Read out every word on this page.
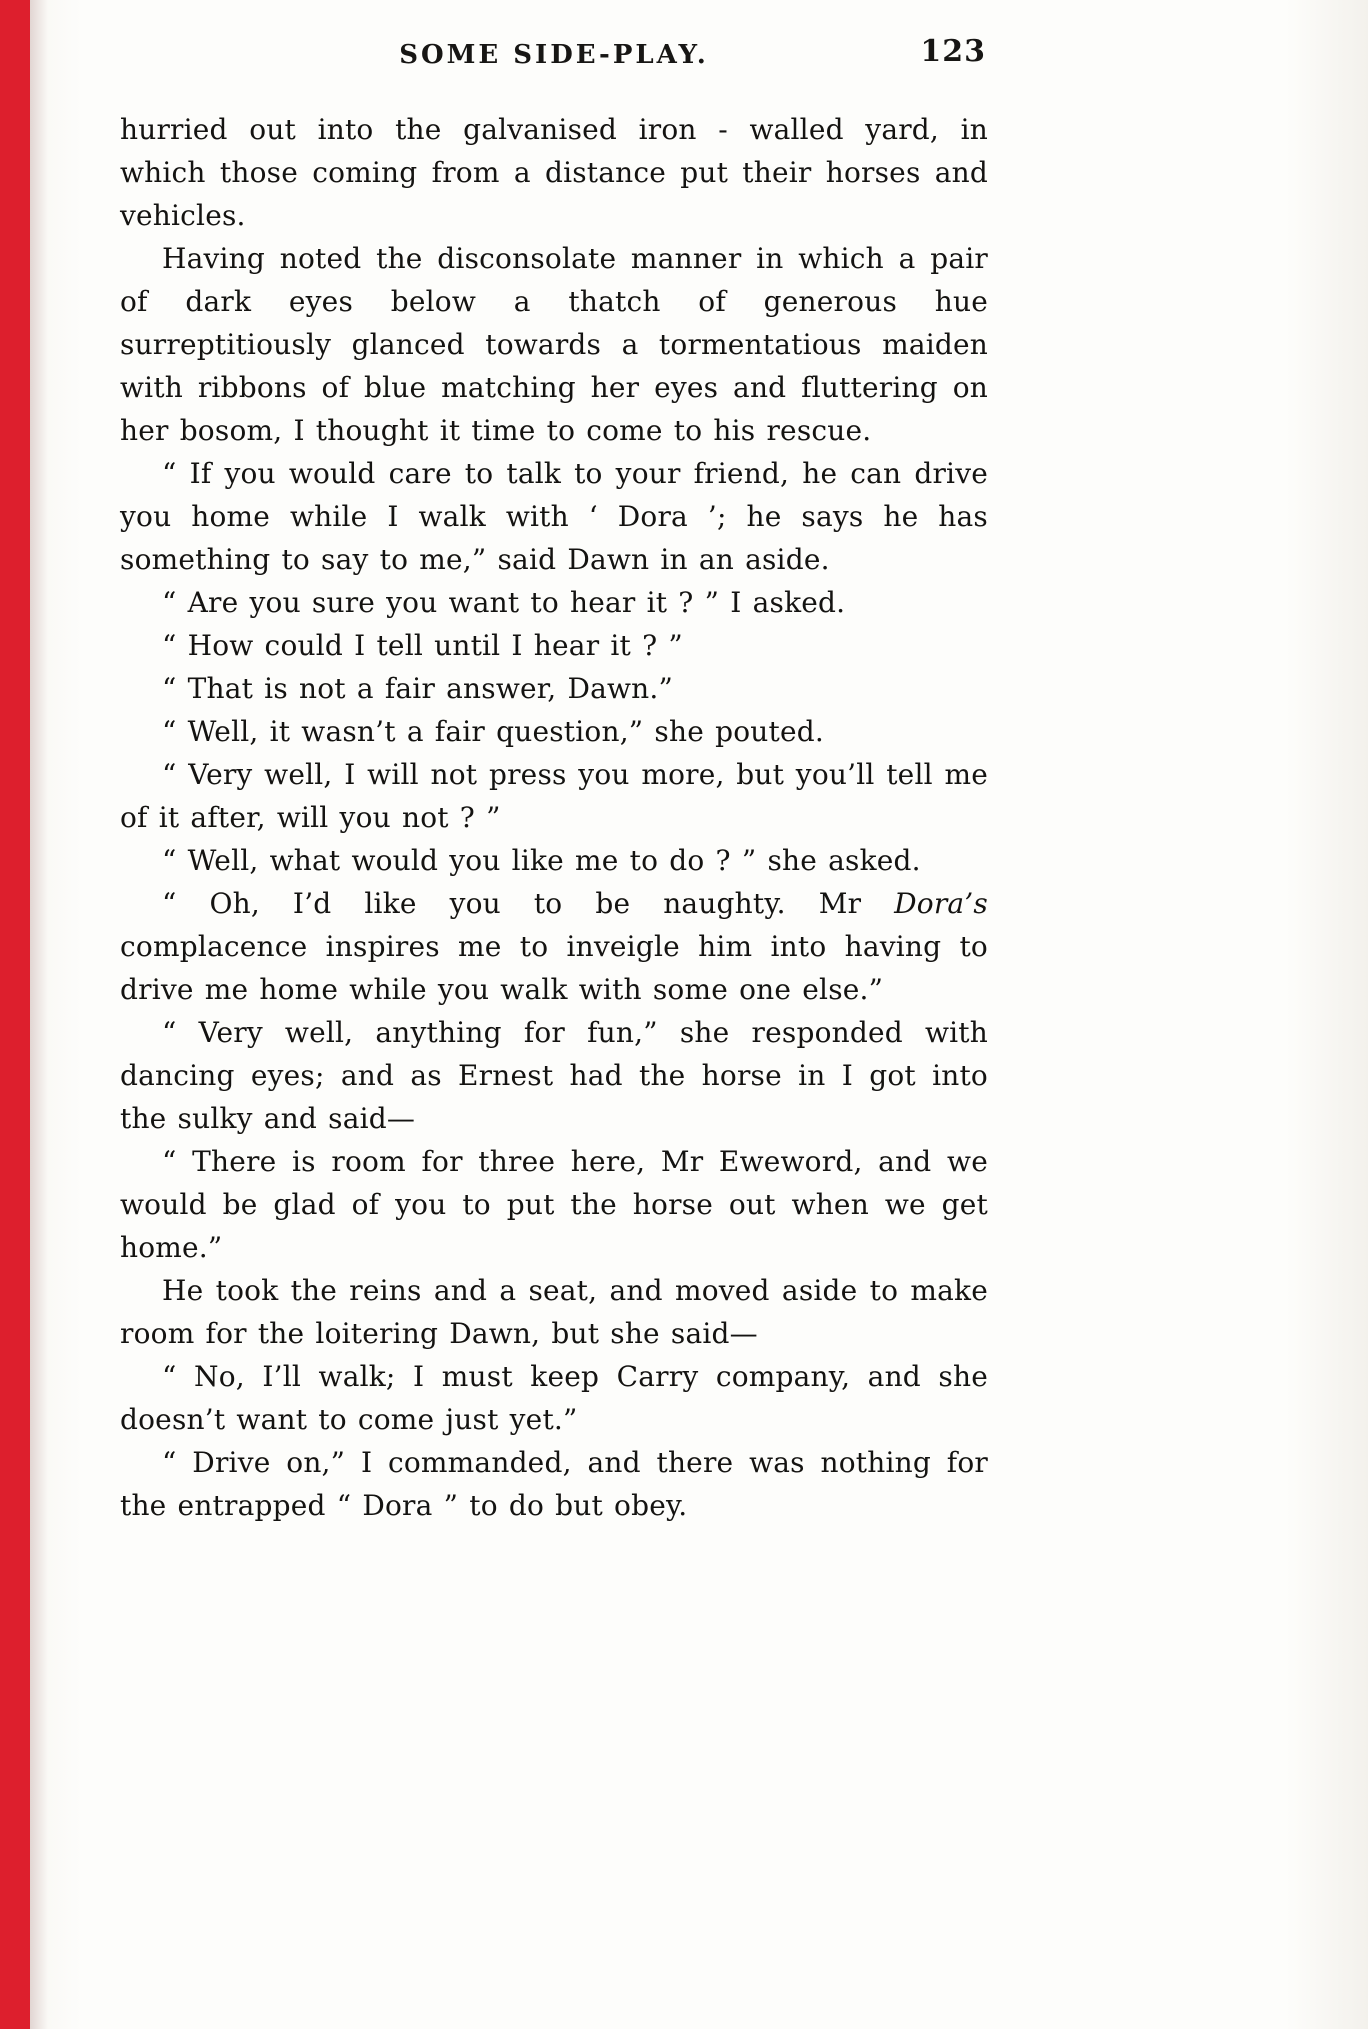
SOME SIDE-PLAY.	123

hurried out into the galvanised iron - walled yard, in which those coming from a distance put their horses and vehicles.

Having noted the disconsolate manner in which a pair of dark eyes below a thatch of generous hue surreptitiously glanced towards a tormentatious maiden with ribbons of blue matching her eyes and fluttering on her bosom, I thought it time to come to his rescue.

“ If you would care to talk to your friend, he can drive you home while I walk with ‘ Dora ’; he says he has something to say to me,” said Dawn in an aside.

“ Are you sure you want to hear it ? ” I asked.

“ How could I tell until I hear it ? ”

“ That is not a fair answer, Dawn.”

“ Well, it wasn’t a fair question,” she pouted.

“ Very well, I will not press you more, but you’ll tell me of it after, will you not ? ”

“ Well, what would you like me to do ? ” she asked.

“ Oh, I’d like you to be naughty. Mr Dora’s complacence inspires me to inveigle him into having to drive me home while you walk with some one else.”

“ Very well, anything for fun,” she responded with dancing eyes; and as Ernest had the horse in I got into the sulky and said—

“ There is room for three here, Mr Eweword, and we would be glad of you to put the horse out when we get home.”

He took the reins and a seat, and moved aside to make room for the loitering Dawn, but she said—

“ No, I’ll walk; I must keep Carry company, and she doesn’t want to come just yet.”

“ Drive on,” I commanded, and there was nothing for the entrapped “ Dora ” to do but obey.
